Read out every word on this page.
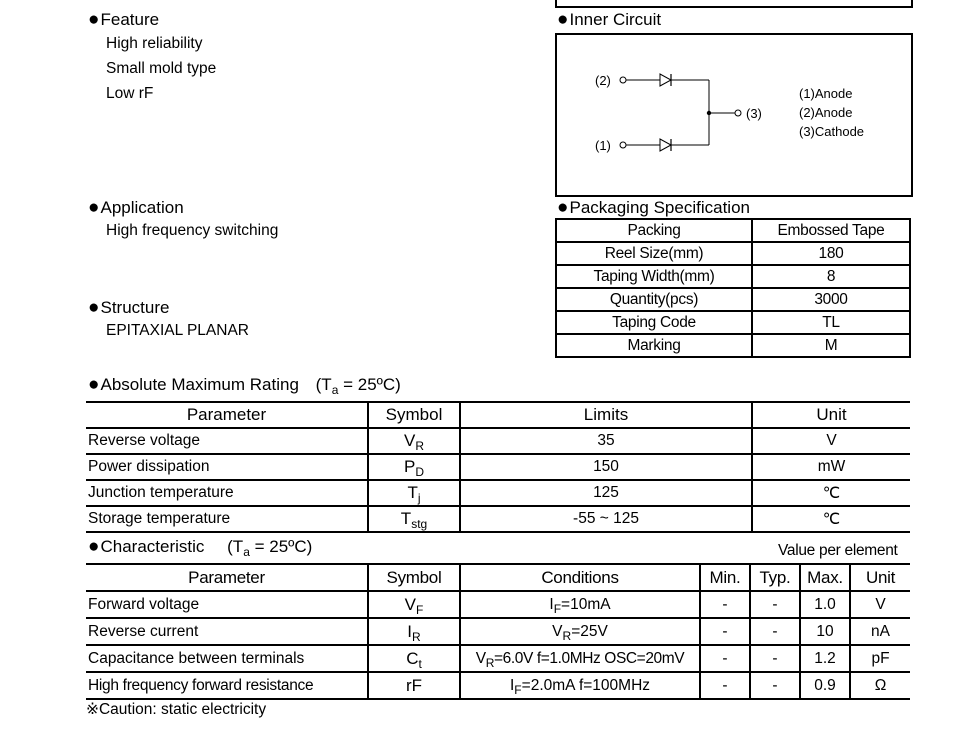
●Feature
High reliability
Small mold type
Low rF
●Inner Circuit
(2)
(1)
(3)
(1)Anode
(2)Anode
(3)Cathode
●Application
High frequency switching
●Packaging Specification
Packing	Embossed Tape
Reel Size(mm)	180
Taping Width(mm)	8
Quantity(pcs)	3000
Taping Code	TL
Marking	M
●Structure
EPITAXIAL PLANAR
●Absolute Maximum Rating ($T_a$ = 25ºC)
Parameter	Symbol	Limits	Unit
Reverse voltage	$V_R$	35	V
Power dissipation	$P_D$	150	mW
Junction temperature	$T_j$	125	℃
Storage temperature	$T_{stg}$	-55 ~ 125	℃
●Characteristic ($T_a$ = 25ºC)	Value per element
Parameter	Symbol	Conditions	Min.	Typ.	Max.	Unit
Forward voltage	$V_F$	$I_F=10mA$	-	-	1.0	V
Reverse current	$I_R$	$V_R=25V$	-	-	10	nA
Capacitance between terminals	$C_t$	$V_R=6.0V$ f=1.0MHz OSC=20mV	-	-	1.2	pF
High frequency forward resistance	rF	$I_F=2.0mA$ f=100MHz	-	-	0.9	Ω
※Caution: static electricity
